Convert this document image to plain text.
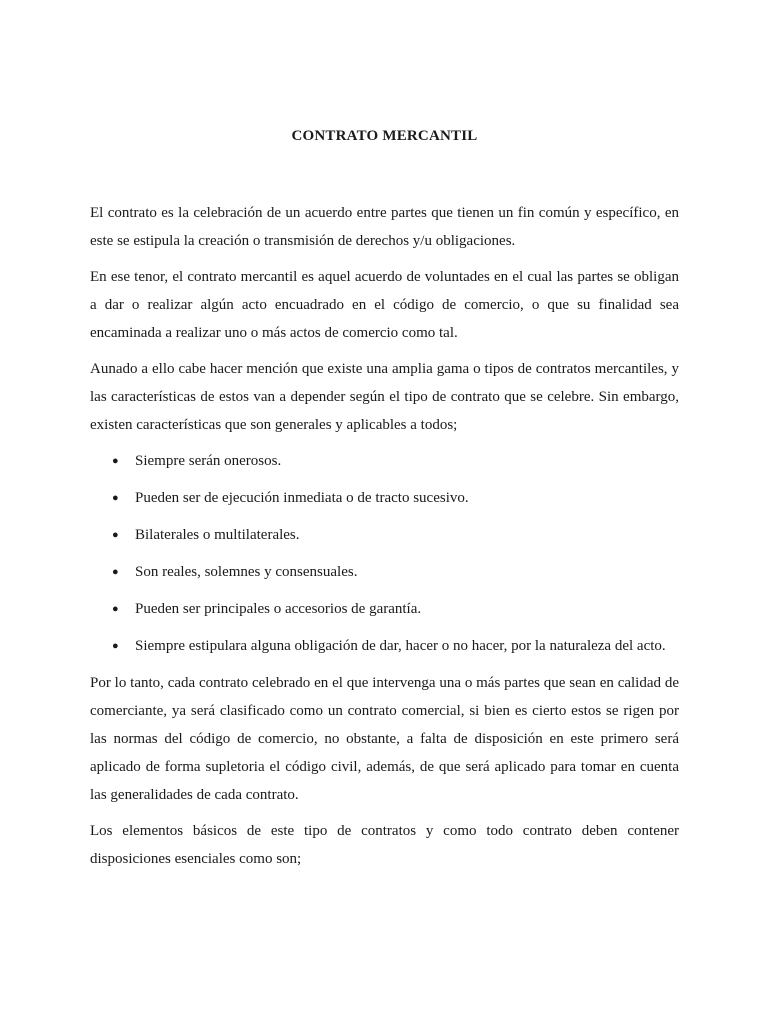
CONTRATO MERCANTIL

El contrato es la celebración de un acuerdo entre partes que tienen un fin común y específico, en este se estipula la creación o transmisión de derechos y/u obligaciones.

En ese tenor, el contrato mercantil es aquel acuerdo de voluntades en el cual las partes se obligan a dar o realizar algún acto encuadrado en el código de comercio, o que su finalidad sea encaminada a realizar uno o más actos de comercio como tal.

Aunado a ello cabe hacer mención que existe una amplia gama o tipos de contratos mercantiles, y las características de estos van a depender según el tipo de contrato que se celebre. Sin embargo, existen características que son generales y aplicables a todos;

● Siempre serán onerosos.
● Pueden ser de ejecución inmediata o de tracto sucesivo.
● Bilaterales o multilaterales.
● Son reales, solemnes y consensuales.
● Pueden ser principales o accesorios de garantía.
● Siempre estipulara alguna obligación de dar, hacer o no hacer, por la naturaleza del acto.

Por lo tanto, cada contrato celebrado en el que intervenga una o más partes que sean en calidad de comerciante, ya será clasificado como un contrato comercial, si bien es cierto estos se rigen por las normas del código de comercio, no obstante, a falta de disposición en este primero será aplicado de forma supletoria el código civil, además, de que será aplicado para tomar en cuenta las generalidades de cada contrato.

Los elementos básicos de este tipo de contratos y como todo contrato deben contener disposiciones esenciales como son;
